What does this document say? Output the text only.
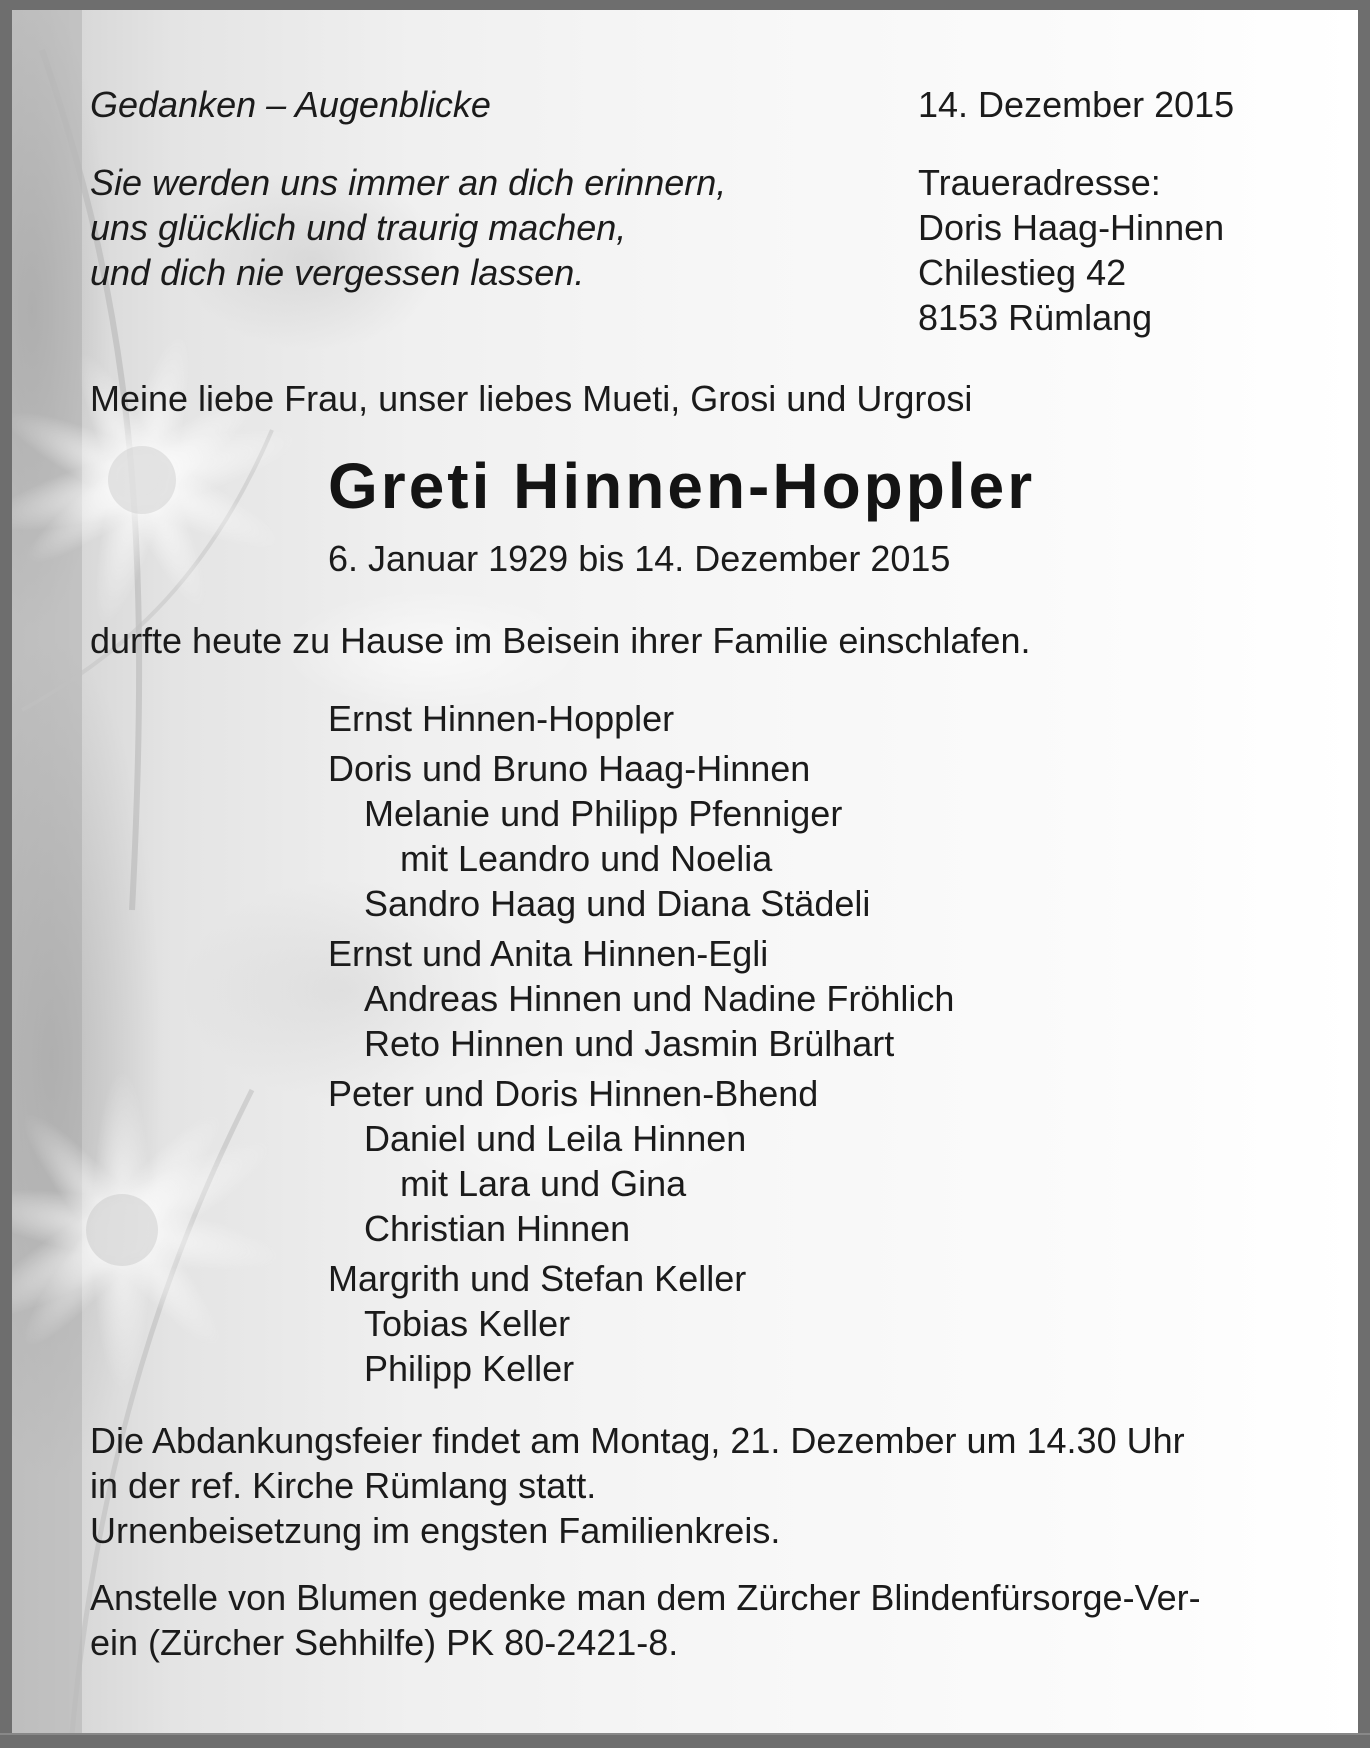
Gedanken – Augenblicke	14. Dezember 2015
Sie werden uns immer an dich erinnern,
uns glücklich und traurig machen,
und dich nie vergessen lassen.
Traueradresse:
Doris Haag-Hinnen
Chilestieg 42
8153 Rümlang
Meine liebe Frau, unser liebes Mueti, Grosi und Urgrosi
Greti Hinnen-Hoppler
6. Januar 1929 bis 14. Dezember 2015
durfte heute zu Hause im Beisein ihrer Familie einschlafen.
Ernst Hinnen-Hoppler
Doris und Bruno Haag-Hinnen
Melanie und Philipp Pfenniger
mit Leandro und Noelia
Sandro Haag und Diana Städeli
Ernst und Anita Hinnen-Egli
Andreas Hinnen und Nadine Fröhlich
Reto Hinnen und Jasmin Brülhart
Peter und Doris Hinnen-Bhend
Daniel und Leila Hinnen
mit Lara und Gina
Christian Hinnen
Margrith und Stefan Keller
Tobias Keller
Philipp Keller
Die Abdankungsfeier findet am Montag, 21. Dezember um 14.30 Uhr
in der ref. Kirche Rümlang statt.
Urnenbeisetzung im engsten Familienkreis.
Anstelle von Blumen gedenke man dem Zürcher Blindenfürsorge-Ver-
ein (Zürcher Sehhilfe) PK 80-2421-8.
